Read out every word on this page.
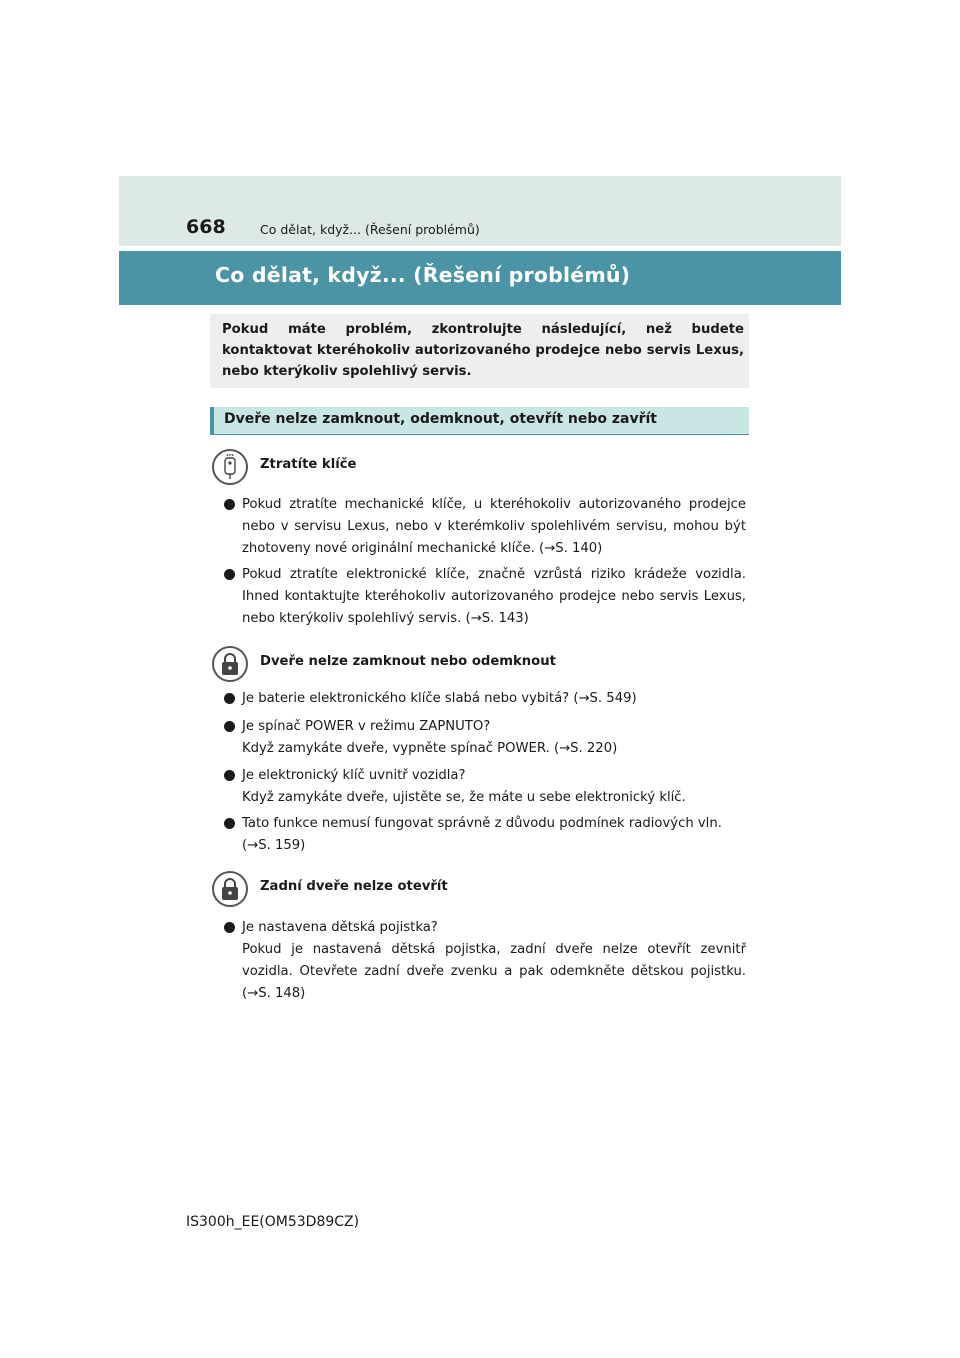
668	Co dělat, když... (Řešení problémů)
Co dělat, když... (Řešení problémů)

Pokud máte problém, zkontrolujte následující, než budete kontaktovat kteréhokoliv autorizovaného prodejce nebo servis Lexus, nebo kterýkoliv spolehlivý servis.

Dveře nelze zamknout, odemknout, otevřít nebo zavřít
Ztratíte klíče
Pokud ztratíte mechanické klíče, u kteréhokoliv autorizovaného prodejce nebo v servisu Lexus, nebo v kterémkoliv spolehlivém servisu, mohou být zhotoveny nové originální mechanické klíče. (→S. 140)
Pokud ztratíte elektronické klíče, značně vzrůstá riziko krádeže vozidla. Ihned kontaktujte kteréhokoliv autorizovaného prodejce nebo servis Lexus, nebo kterýkoliv spolehlivý servis. (→S. 143)
Dveře nelze zamknout nebo odemknout
Je baterie elektronického klíče slabá nebo vybitá? (→S. 549)
Je spínač POWER v režimu ZAPNUTO?
Když zamykáte dveře, vypněte spínač POWER. (→S. 220)
Je elektronický klíč uvnitř vozidla?
Když zamykáte dveře, ujistěte se, že máte u sebe elektronický klíč.
Tato funkce nemusí fungovat správně z důvodu podmínek radiových vln.
(→S. 159)
Zadní dveře nelze otevřít
Je nastavena dětská pojistka?
Pokud je nastavená dětská pojistka, zadní dveře nelze otevřít zevnitř vozidla. Otevřete zadní dveře zvenku a pak odemkněte dětskou pojistku. (→S. 148)
IS300h_EE(OM53D89CZ)
